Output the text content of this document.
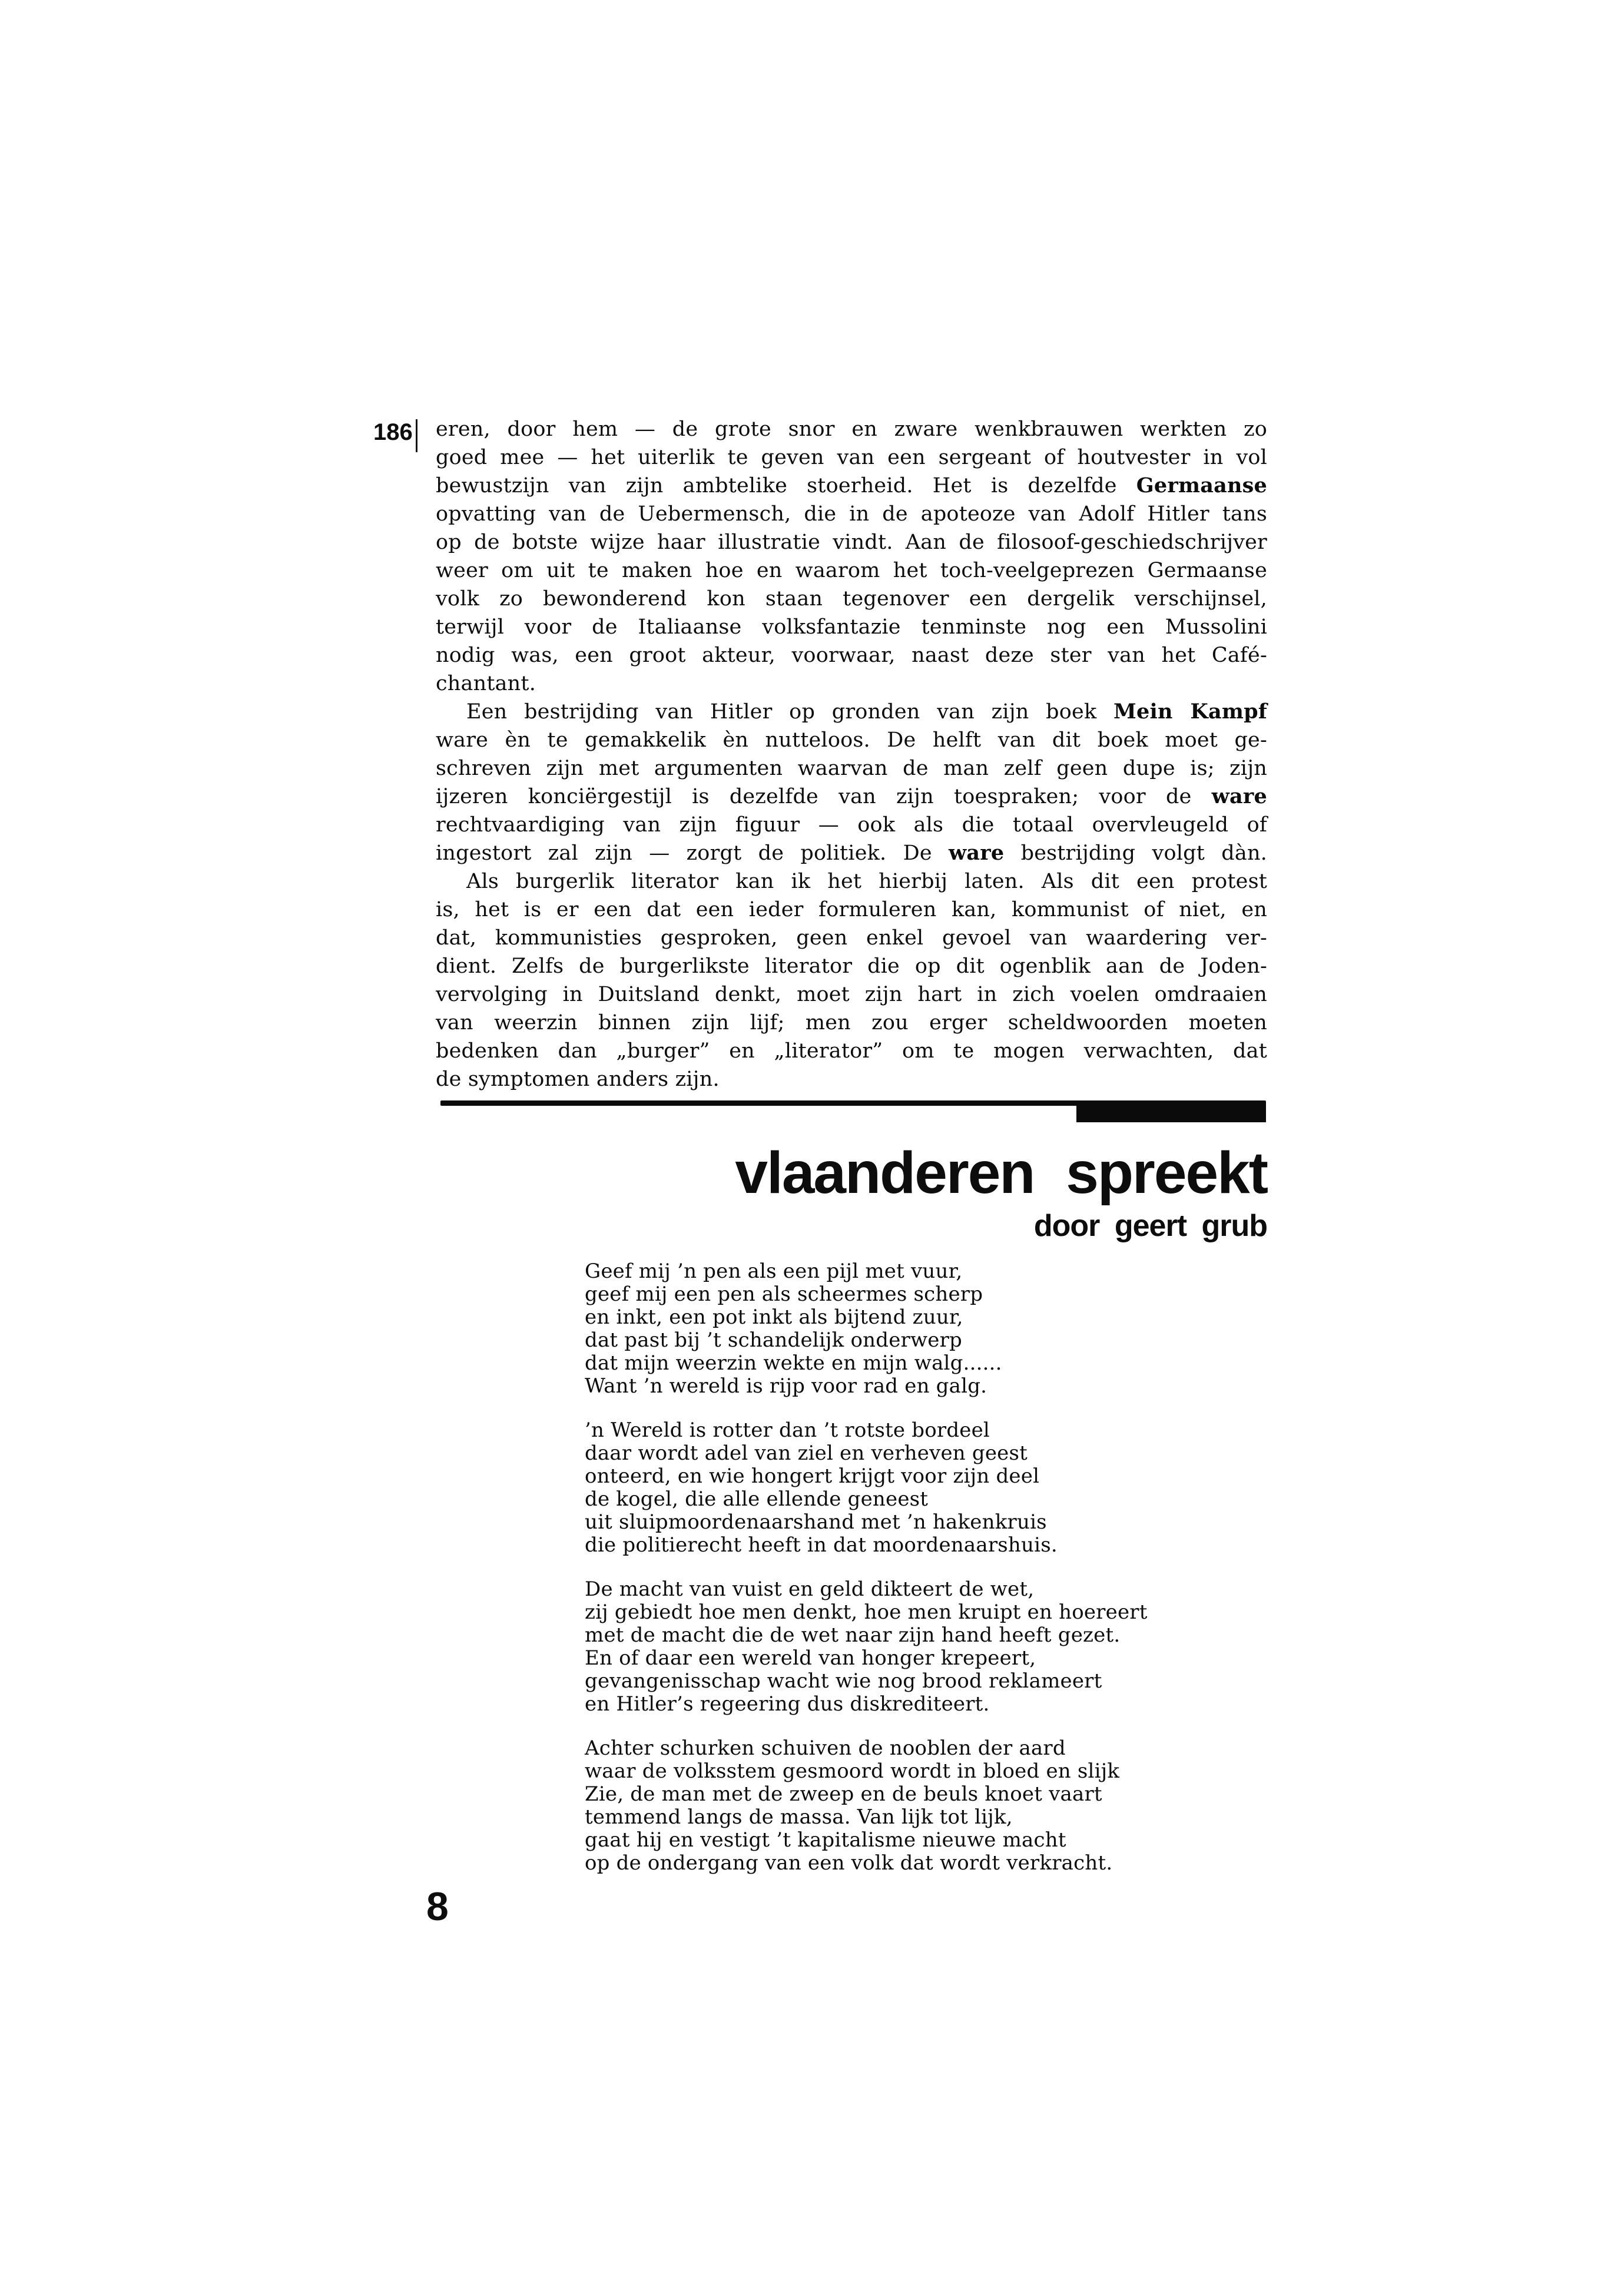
186 eren, door hem — de grote snor en zware wenkbrauwen werkten zo
goed mee — het uiterlik te geven van een sergeant of houtvester in vol
bewustzijn van zijn ambtelike stoerheid. Het is dezelfde Germaanse
opvatting van de Uebermensch, die in de apoteoze van Adolf Hitler tans
op de botste wijze haar illustratie vindt. Aan de filosoof-geschiedschrijver
weer om uit te maken hoe en waarom het toch-veelgeprezen Germaanse
volk zo bewonderend kon staan tegenover een dergelik verschijnsel,
terwijl voor de Italiaanse volksfantazie tenminste nog een Mussolini
nodig was, een groot akteur, voorwaar, naast deze ster van het Café-
chantant.
Een bestrijding van Hitler op gronden van zijn boek Mein Kampf
ware èn te gemakkelik èn nutteloos. De helft van dit boek moet ge-
schreven zijn met argumenten waarvan de man zelf geen dupe is; zijn
ijzeren konciërgestijl is dezelfde van zijn toespraken; voor de ware
rechtvaardiging van zijn figuur — ook als die totaal overvleugeld of
ingestort zal zijn — zorgt de politiek. De ware bestrijding volgt dàn.
Als burgerlik literator kan ik het hierbij laten. Als dit een protest
is, het is er een dat een ieder formuleren kan, kommunist of niet, en
dat, kommunisties gesproken, geen enkel gevoel van waardering ver-
dient. Zelfs de burgerlikste literator die op dit ogenblik aan de Joden-
vervolging in Duitsland denkt, moet zijn hart in zich voelen omdraaien
van weerzin binnen zijn lijf; men zou erger scheldwoorden moeten
bedenken dan „burger” en „literator” om te mogen verwachten, dat
de symptomen anders zijn.
vlaanderen spreekt
door geert grub
Geef mij ’n pen als een pijl met vuur,
geef mij een pen als scheermes scherp
en inkt, een pot inkt als bijtend zuur,
dat past bij ’t schandelijk onderwerp
dat mijn weerzin wekte en mijn walg......
Want ’n wereld is rijp voor rad en galg.
’n Wereld is rotter dan ’t rotste bordeel
daar wordt adel van ziel en verheven geest
onteerd, en wie hongert krijgt voor zijn deel
de kogel, die alle ellende geneest
uit sluipmoordenaarshand met ’n hakenkruis
die politierecht heeft in dat moordenaarshuis.
De macht van vuist en geld dikteert de wet,
zij gebiedt hoe men denkt, hoe men kruipt en hoereert
met de macht die de wet naar zijn hand heeft gezet.
En of daar een wereld van honger krepeert,
gevangenisschap wacht wie nog brood reklameert
en Hitler’s regeering dus diskrediteert.
Achter schurken schuiven de nooblen der aard
waar de volksstem gesmoord wordt in bloed en slijk
Zie, de man met de zweep en de beuls knoet vaart
temmend langs de massa. Van lijk tot lijk,
gaat hij en vestigt ’t kapitalisme nieuwe macht
op de ondergang van een volk dat wordt verkracht.
8
